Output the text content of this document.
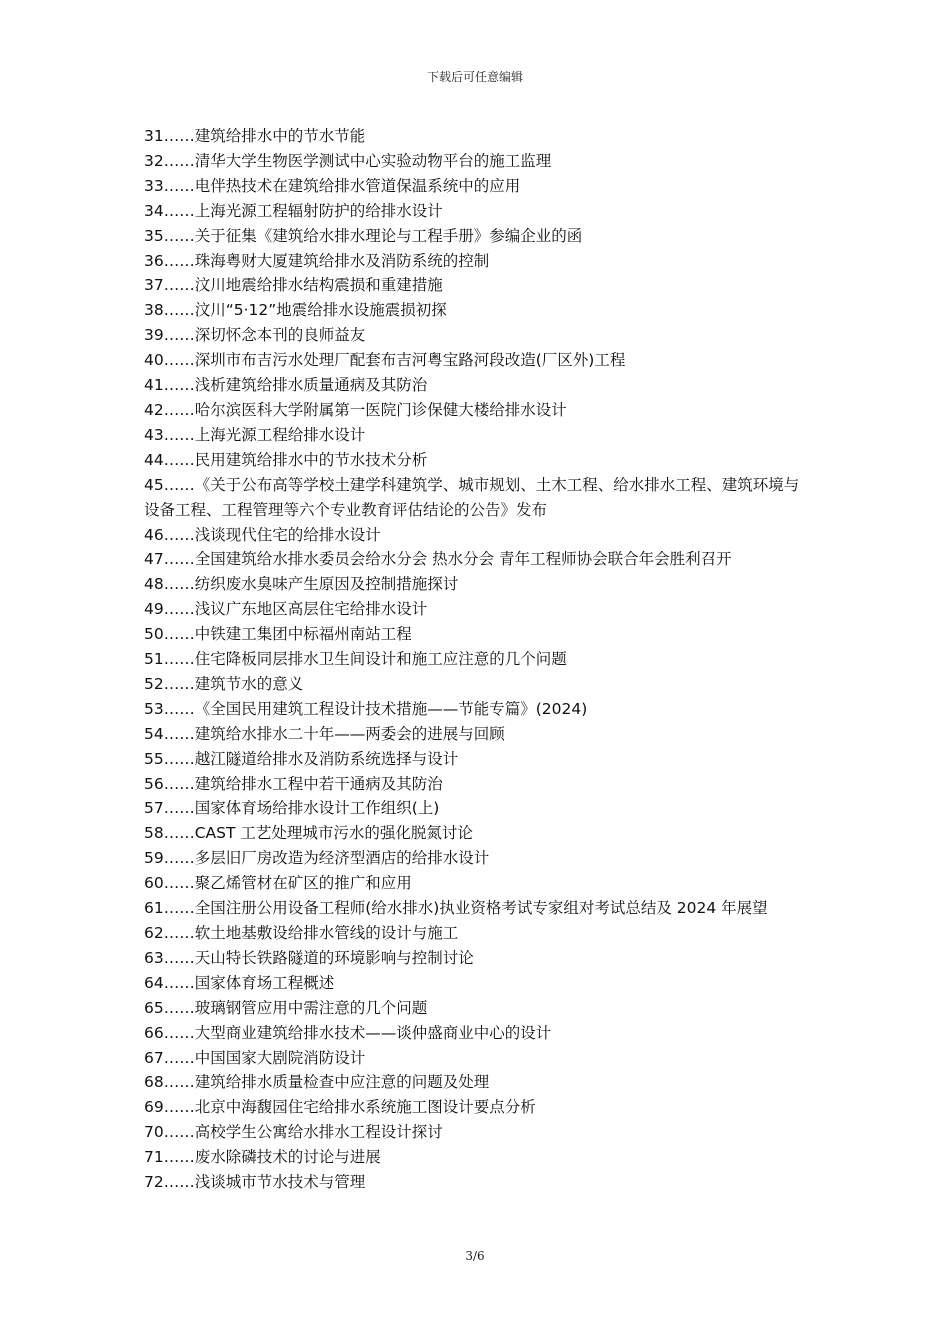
下载后可任意编辑
31……建筑给排水中的节水节能
32……清华大学生物医学测试中心实验动物平台的施工监理
33……电伴热技术在建筑给排水管道保温系统中的应用
34……上海光源工程辐射防护的给排水设计
35……关于征集《建筑给水排水理论与工程手册》参编企业的函
36……珠海粤财大厦建筑给排水及消防系统的控制
37……汶川地震给排水结构震损和重建措施
38……汶川“5·12”地震给排水设施震损初探
39……深切怀念本刊的良师益友
40……深圳市布吉污水处理厂配套布吉河粤宝路河段改造(厂区外)工程
41……浅析建筑给排水质量通病及其防治
42……哈尔滨医科大学附属第一医院门诊保健大楼给排水设计
43……上海光源工程给排水设计
44……民用建筑给排水中的节水技术分析
45……《关于公布高等学校土建学科建筑学、城市规划、土木工程、给水排水工程、建筑环境与设备工程、工程管理等六个专业教育评估结论的公告》发布
46……浅谈现代住宅的给排水设计
47……全国建筑给水排水委员会给水分会 热水分会 青年工程师协会联合年会胜利召开
48……纺织废水臭味产生原因及控制措施探讨
49……浅议广东地区高层住宅给排水设计
50……中铁建工集团中标福州南站工程
51……住宅降板同层排水卫生间设计和施工应注意的几个问题
52……建筑节水的意义
53……《全国民用建筑工程设计技术措施——节能专篇》(2024)
54……建筑给水排水二十年——两委会的进展与回顾
55……越江隧道给排水及消防系统选择与设计
56……建筑给排水工程中若干通病及其防治
57……国家体育场给排水设计工作组织(上)
58……CAST 工艺处理城市污水的强化脱氮讨论
59……多层旧厂房改造为经济型酒店的给排水设计
60……聚乙烯管材在矿区的推广和应用
61……全国注册公用设备工程师(给水排水)执业资格考试专家组对考试总结及 2024 年展望
62……软土地基敷设给排水管线的设计与施工
63……天山特长铁路隧道的环境影响与控制讨论
64……国家体育场工程概述
65……玻璃钢管应用中需注意的几个问题
66……大型商业建筑给排水技术——谈仲盛商业中心的设计
67……中国国家大剧院消防设计
68……建筑给排水质量检查中应注意的问题及处理
69……北京中海馥园住宅给排水系统施工图设计要点分析
70……高校学生公寓给水排水工程设计探讨
71……废水除磷技术的讨论与进展
72……浅谈城市节水技术与管理
3/6
